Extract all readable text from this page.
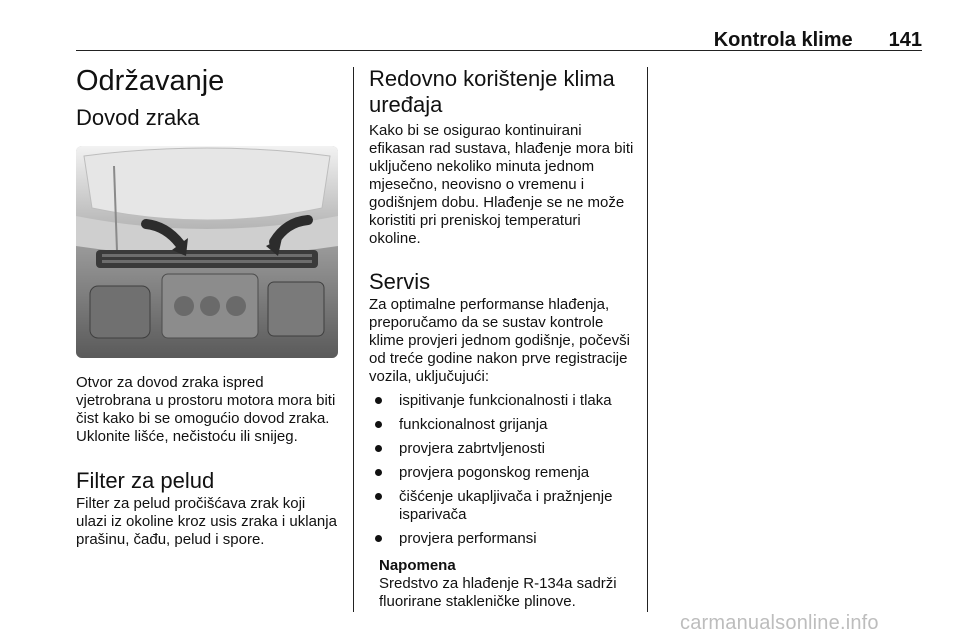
Kontrola klime 141
Održavanje
Dovod zraka

Otvor za dovod zraka ispred vjetrobrana u prostoru motora mora biti čist kako bi se omogućio dovod zraka. Uklonite lišće, nečistoću ili snijeg.

Filter za pelud

Filter za pelud pročišćava zrak koji ulazi iz okoline kroz usis zraka i uklanja prašinu, čađu, pelud i spore.

Redovno korištenje klima uređaja

Kako bi se osigurao kontinuirani efikasan rad sustava, hlađenje mora biti uključeno nekoliko minuta jednom mjesečno, neovisno o vremenu i godišnjem dobu. Hlađenje se ne može koristiti pri preniskoj temperaturi okoline.

Servis

Za optimalne performanse hlađenja, preporučamo da se sustav kontrole klime provjeri jednom godišnje, počevši od treće godine nakon prve registracije vozila, uključujući:

ispitivanje funkcionalnosti i tlaka
funkcionalnost grijanja
provjera zabrtvljenosti
provjera pogonskog remenja
čišćenje ukapljivača i pražnjenje isparivača
provjera performansi
Napomena

Sredstvo za hlađenje R-134a sadrži fluorirane stakleničke plinove.

carmanualsonline.info
